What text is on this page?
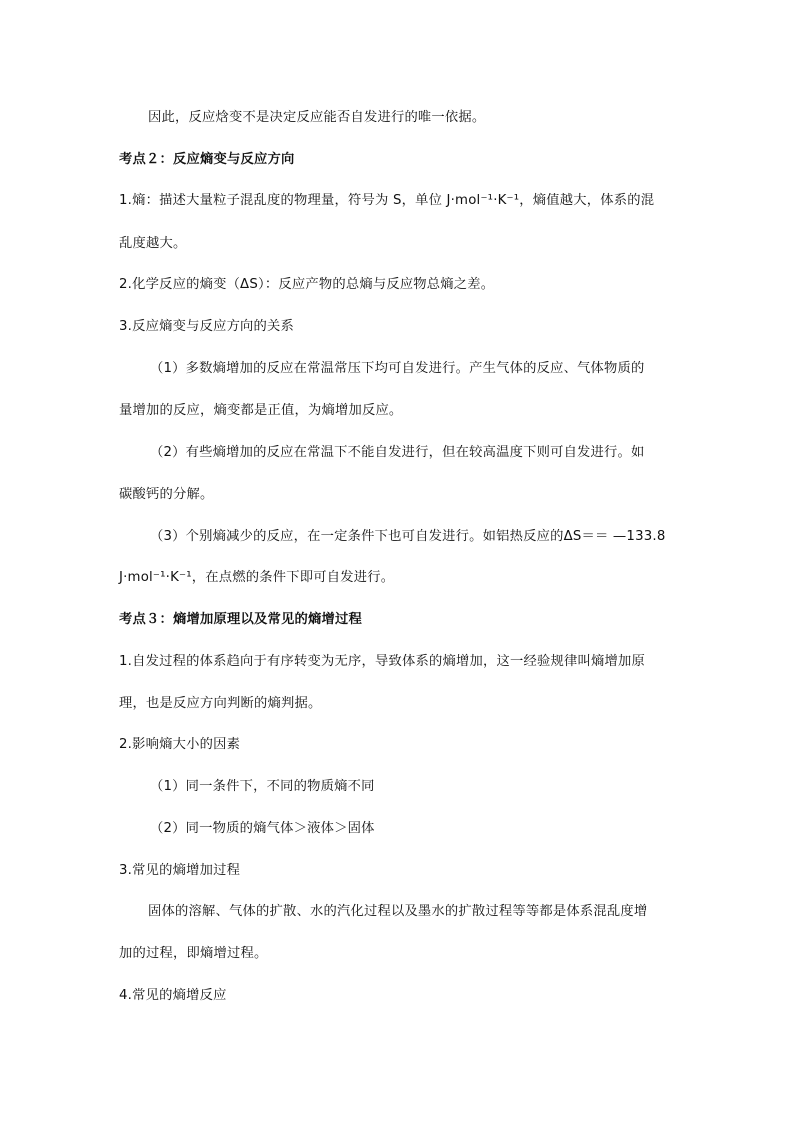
因此，反应焓变不是决定反应能否自发进行的唯一依据。
考点２：反应熵变与反应方向
1.熵：描述大量粒子混乱度的物理量，符号为 S，单位 J·mol⁻¹·K⁻¹，熵值越大，体系的混
乱度越大。
2.化学反应的熵变（ΔS）：反应产物的总熵与反应物总熵之差。
3.反应熵变与反应方向的关系
（1）多数熵增加的反应在常温常压下均可自发进行。产生气体的反应、气体物质的
量增加的反应，熵变都是正值，为熵增加反应。
（2）有些熵增加的反应在常温下不能自发进行，但在较高温度下则可自发进行。如
碳酸钙的分解。
（3）个别熵减少的反应，在一定条件下也可自发进行。如铝热反应的ΔS＝＝ —133.8
J·mol⁻¹·K⁻¹，在点燃的条件下即可自发进行。
考点３：熵增加原理以及常见的熵增过程
1.自发过程的体系趋向于有序转变为无序，导致体系的熵增加，这一经验规律叫熵增加原
理，也是反应方向判断的熵判据。
2.影响熵大小的因素
（1）同一条件下，不同的物质熵不同
（2）同一物质的熵气体＞液体＞固体
3.常见的熵增加过程
固体的溶解、气体的扩散、水的汽化过程以及墨水的扩散过程等等都是体系混乱度增
加的过程，即熵增过程。
4.常见的熵增反应
